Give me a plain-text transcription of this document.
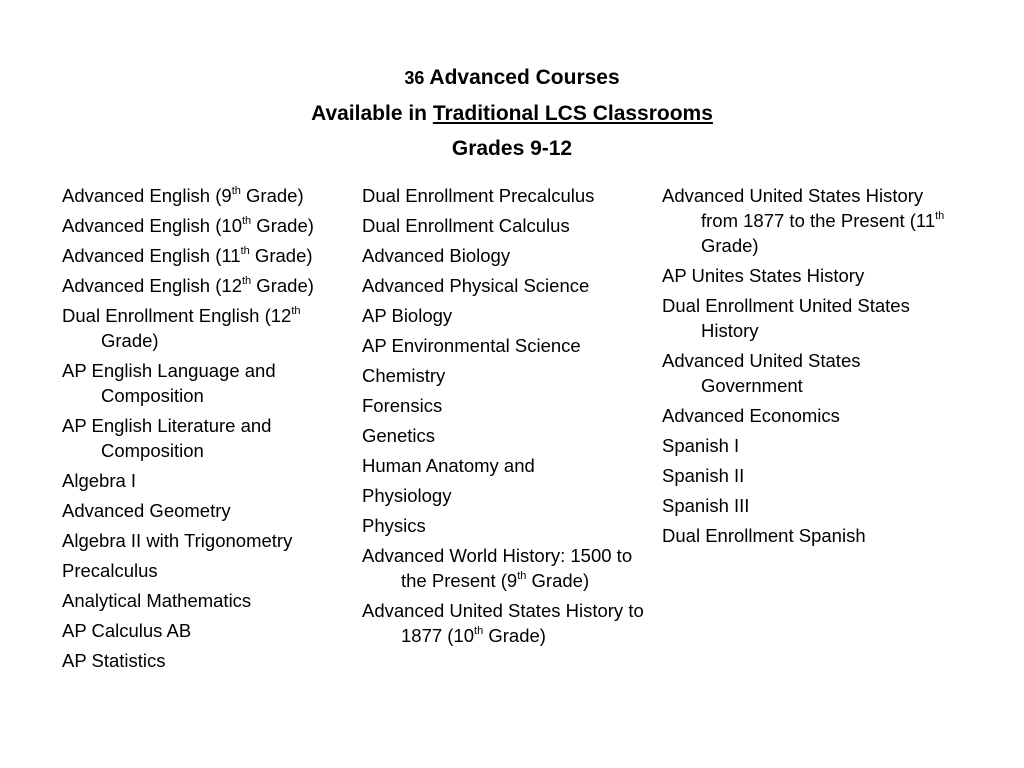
36 Advanced Courses
Available in Traditional LCS Classrooms
Grades 9-12
Advanced English (9th Grade)
Advanced English (10th Grade)
Advanced English (11th Grade)
Advanced English (12th Grade)
Dual Enrollment English (12th Grade)
AP English Language and Composition
AP English Literature and Composition
Algebra I
Advanced Geometry
Algebra II with Trigonometry
Precalculus
Analytical Mathematics
AP Calculus AB
AP Statistics
Dual Enrollment Precalculus
Dual Enrollment Calculus
Advanced Biology
Advanced Physical Science
AP Biology
AP Environmental Science
Chemistry
Forensics
Genetics
Human Anatomy and
Physiology
Physics
Advanced World History: 1500 to the Present (9th Grade)
Advanced United States History to 1877 (10th Grade)
Advanced United States History from 1877 to the Present (11th Grade)
AP Unites States History
Dual Enrollment United States History
Advanced United States Government
Advanced Economics
Spanish I
Spanish II
Spanish III
Dual Enrollment Spanish
